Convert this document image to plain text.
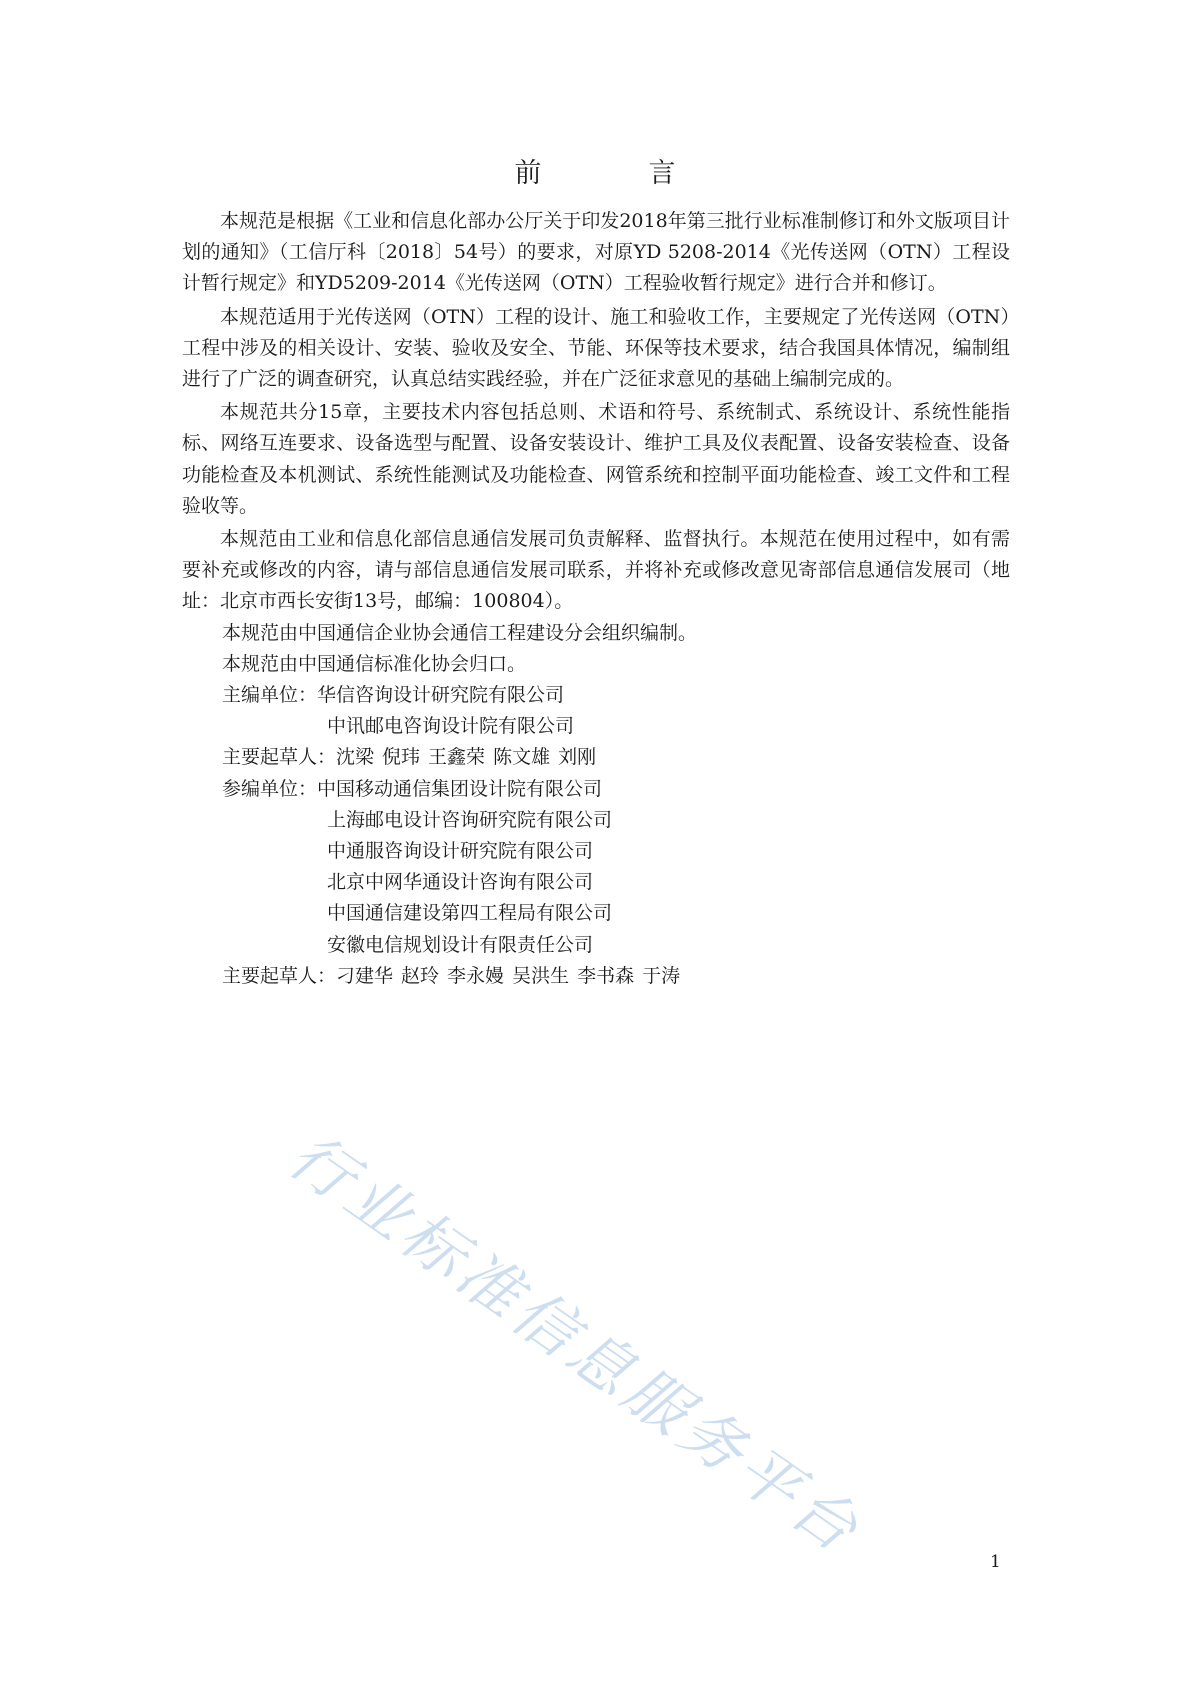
前　言

本规范是根据《工业和信息化部办公厅关于印发2018年第三批行业标准制修订和外文版项目计划的通知》（工信厅科〔2018〕54号）的要求，对原YD 5208-2014《光传送网（OTN）工程设计暂行规定》和YD5209-2014《光传送网（OTN）工程验收暂行规定》进行合并和修订。

本规范适用于光传送网（OTN）工程的设计、施工和验收工作，主要规定了光传送网（OTN）工程中涉及的相关设计、安装、验收及安全、节能、环保等技术要求，结合我国具体情况，编制组进行了广泛的调查研究，认真总结实践经验，并在广泛征求意见的基础上编制完成的。

本规范共分15章，主要技术内容包括总则、术语和符号、系统制式、系统设计、系统性能指标、网络互连要求、设备选型与配置、设备安装设计、维护工具及仪表配置、设备安装检查、设备功能检查及本机测试、系统性能测试及功能检查、网管系统和控制平面功能检查、竣工文件和工程验收等。

本规范由工业和信息化部信息通信发展司负责解释、监督执行。本规范在使用过程中，如有需要补充或修改的内容，请与部信息通信发展司联系，并将补充或修改意见寄部信息通信发展司（地址：北京市西长安街13号，邮编：100804）。

本规范由中国通信企业协会通信工程建设分会组织编制。

本规范由中国通信标准化协会归口。

主编单位：华信咨询设计研究院有限公司

中讯邮电咨询设计院有限公司

主要起草人：沈梁 倪玮 王鑫荣 陈文雄 刘刚

参编单位：中国移动通信集团设计院有限公司

上海邮电设计咨询研究院有限公司

中通服咨询设计研究院有限公司

北京中网华通设计咨询有限公司

中国通信建设第四工程局有限公司

安徽电信规划设计有限责任公司

主要起草人：刁建华 赵玲 李永嫚 吴洪生 李书森 于涛

行业标准信息服务平台	1
